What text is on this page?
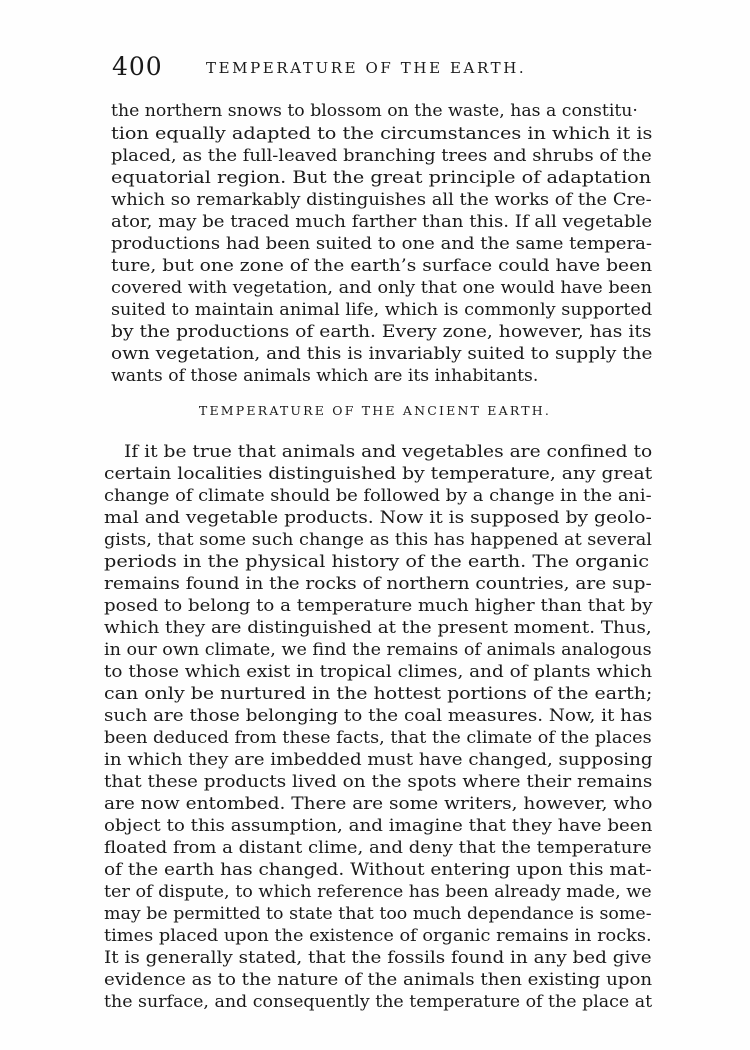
400	TEMPERATURE OF THE EARTH.
the northern snows to blossom on the waste, has a constitu·
tion equally adapted to the circumstances in which it is
placed, as the full-leaved branching trees and shrubs of the
equatorial region. But the great principle of adaptation
which so remarkably distinguishes all the works of the Cre-
ator, may be traced much farther than this. If all vegetable
productions had been suited to one and the same tempera-
ture, but one zone of the earth’s surface could have been
covered with vegetation, and only that one would have been
suited to maintain animal life, which is commonly supported
by the productions of earth. Every zone, however, has its
own vegetation, and this is invariably suited to supply the
wants of those animals which are its inhabitants.
TEMPERATURE OF THE ANCIENT EARTH.
If it be true that animals and vegetables are confined to
certain localities distinguished by temperature, any great
change of climate should be followed by a change in the ani-
mal and vegetable products. Now it is supposed by geolo-
gists, that some such change as this has happened at several
periods in the physical history of the earth. The organic
remains found in the rocks of northern countries, are sup-
posed to belong to a temperature much higher than that by
which they are distinguished at the present moment. Thus,
in our own climate, we find the remains of animals analogous
to those which exist in tropical climes, and of plants which
can only be nurtured in the hottest portions of the earth;
such are those belonging to the coal measures. Now, it has
been deduced from these facts, that the climate of the places
in which they are imbedded must have changed, supposing
that these products lived on the spots where their remains
are now entombed. There are some writers, however, who
object to this assumption, and imagine that they have been
floated from a distant clime, and deny that the temperature
of the earth has changed. Without entering upon this mat-
ter of dispute, to which reference has been already made, we
may be permitted to state that too much dependance is some-
times placed upon the existence of organic remains in rocks.
It is generally stated, that the fossils found in any bed give
evidence as to the nature of the animals then existing upon
the surface, and consequently the temperature of the place at
